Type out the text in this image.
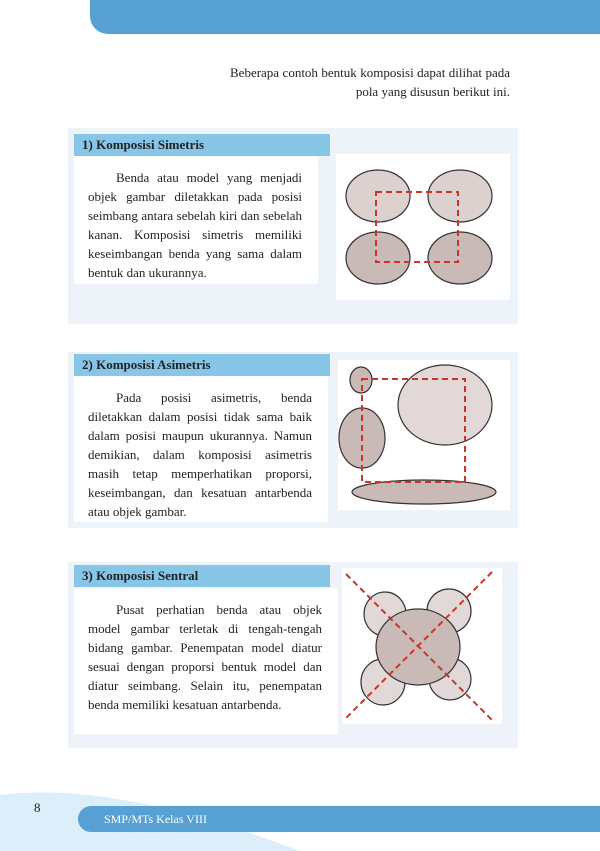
Beberapa contoh bentuk komposisi dapat dilihat pada pola yang disusun berikut ini.
1) Komposisi Simetris

Benda atau model yang menjadi objek gambar diletakkan pada posisi seimbang antara sebelah kiri dan sebelah kanan. Komposisi simetris memiliki keseimbangan benda yang sama dalam bentuk dan ukurannya.

2) Komposisi Asimetris

Pada posisi asimetris, benda diletakkan dalam posisi tidak sama baik dalam posisi maupun ukurannya. Namun demikian, dalam komposisi asimetris masih tetap memperhatikan proporsi, keseimbangan, dan kesatuan antarbenda atau objek gambar.

3) Komposisi Sentral

Pusat perhatian benda atau objek model gambar terletak di tengah-tengah bidang gambar. Penempatan model diatur sesuai dengan proporsi bentuk model dan diatur seimbang. Selain itu, penempatan benda memiliki kesatuan antarbenda.

SMP/MTs Kelas VIII
8
